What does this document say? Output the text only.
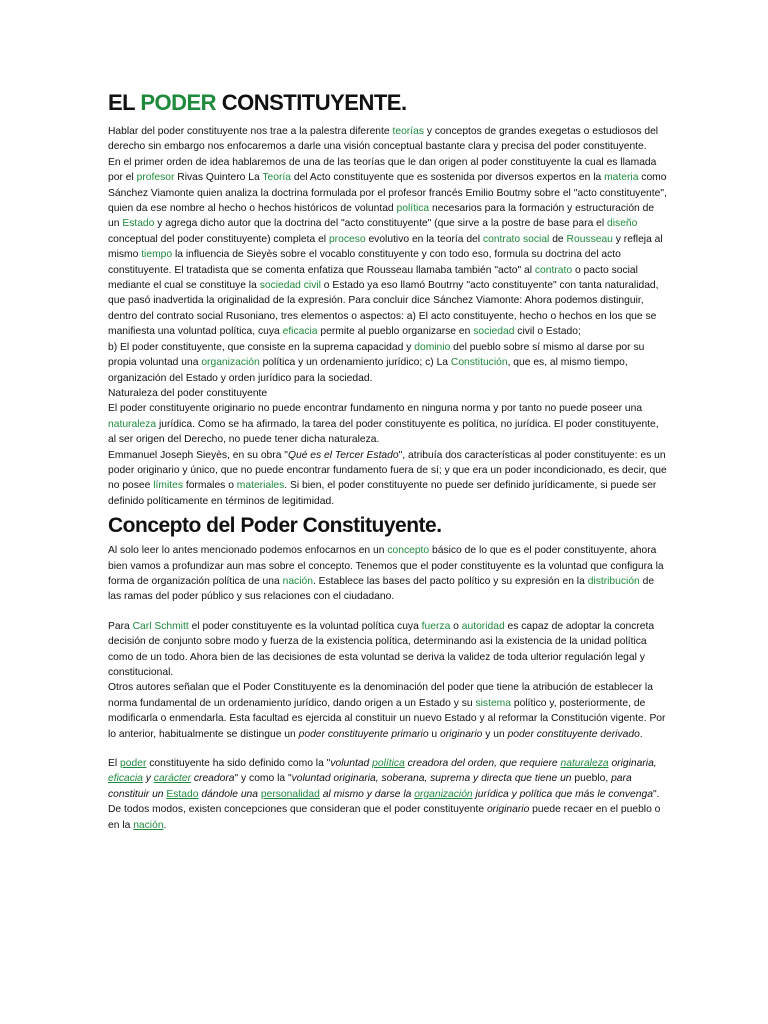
EL PODER CONSTITUYENTE.

Hablar del poder constituyente nos trae a la palestra diferente teorías y conceptos de grandes exegetas o estudiosos del derecho sin embargo nos enfocaremos a darle una visión conceptual bastante clara y precisa del poder constituyente.

En el primer orden de idea hablaremos de una de las teorías que le dan origen al poder constituyente la cual es llamada por el profesor Rivas Quintero La Teoría del Acto constituyente que es sostenida por diversos expertos en la materia como Sánchez Viamonte quien analiza la doctrina formulada por el profesor francés Emilio Boutmy sobre el "acto constituyente", quien da ese nombre al hecho o hechos históricos de voluntad política necesarios para la formación y estructuración de un Estado y agrega dicho autor que la doctrina del "acto constituyente" (que sirve a la postre de base para el diseño conceptual del poder constituyente) completa el proceso evolutivo en la teoría del contrato social de Rousseau y refleja al mismo tiempo la influencia de Sieyès sobre el vocablo constituyente y con todo eso, formula su doctrina del acto constituyente. El tratadista que se comenta enfatiza que Rousseau llamaba también "acto" al contrato o pacto social mediante el cual se constituye la sociedad civil o Estado ya eso llamó Boutrny "acto constituyente" con tanta naturalidad, que pasó inadvertida la originalidad de la expresión. Para concluir dice Sánchez Viamonte: Ahora podemos distinguir, dentro del contrato social Rusoniano, tres elementos o aspectos: a) El acto constituyente, hecho o hechos en los que se manifiesta una voluntad política, cuya eficacia permite al pueblo organizarse en sociedad civil o Estado;

b) El poder constituyente, que consiste en la suprema capacidad y dominio del pueblo sobre sí mismo al darse por su propia voluntad una organización política y un ordenamiento jurídico; c) La Constitución, que es, al mismo tiempo, organización del Estado y orden jurídico para la sociedad.

Naturaleza del poder constituyente

El poder constituyente originario no puede encontrar fundamento en ninguna norma y por tanto no puede poseer una naturaleza jurídica. Como se ha afirmado, la tarea del poder constituyente es política, no jurídica. El poder constituyente, al ser origen del Derecho, no puede tener dicha naturaleza.

Emmanuel Joseph Sieyès, en su obra "Qué es el Tercer Estado", atribuía dos características al poder constituyente: es un poder originario y único, que no puede encontrar fundamento fuera de sí; y que era un poder incondicionado, es decir, que no posee límites formales o materiales. Si bien, el poder constituyente no puede ser definido jurídicamente, si puede ser definido políticamente en términos de legitimidad.

Concepto del Poder Constituyente.

Al solo leer lo antes mencionado podemos enfocarnos en un concepto básico de lo que es el poder constituyente, ahora bien vamos a profundizar aun mas sobre el concepto. Tenemos que el poder constituyente es la voluntad que configura la forma de organización política de una nación. Establece las bases del pacto político y su expresión en la distribución de las ramas del poder público y sus relaciones con el ciudadano.

Para Carl Schmitt el poder constituyente es la voluntad política cuya fuerza o autoridad es capaz de adoptar la concreta decisión de conjunto sobre modo y fuerza de la existencia política, determinando asi la existencia de la unidad política como de un todo. Ahora bien de las decisiones de esta voluntad se deriva la validez de toda ulterior regulación legal y constitucional.

Otros autores señalan que el Poder Constituyente es la denominación del poder que tiene la atribución de establecer la norma fundamental de un ordenamiento jurídico, dando origen a un Estado y su sistema político y, posteriormente, de modificarla o enmendarla. Esta facultad es ejercida al constituir un nuevo Estado y al reformar la Constitución vigente. Por lo anterior, habitualmente se distingue un poder constituyente primario u originario y un poder constituyente derivado.

El poder constituyente ha sido definido como la "voluntad política creadora del orden, que requiere naturaleza originaria, eficacia y carácter creadora" y como la "voluntad originaria, soberana, suprema y directa que tiene un pueblo, para constituir un Estado dándole una personalidad al mismo y darse la organización jurídica y política que más le convenga". De todos modos, existen concepciones que consideran que el poder constituyente originario puede recaer en el pueblo o en la nación.
